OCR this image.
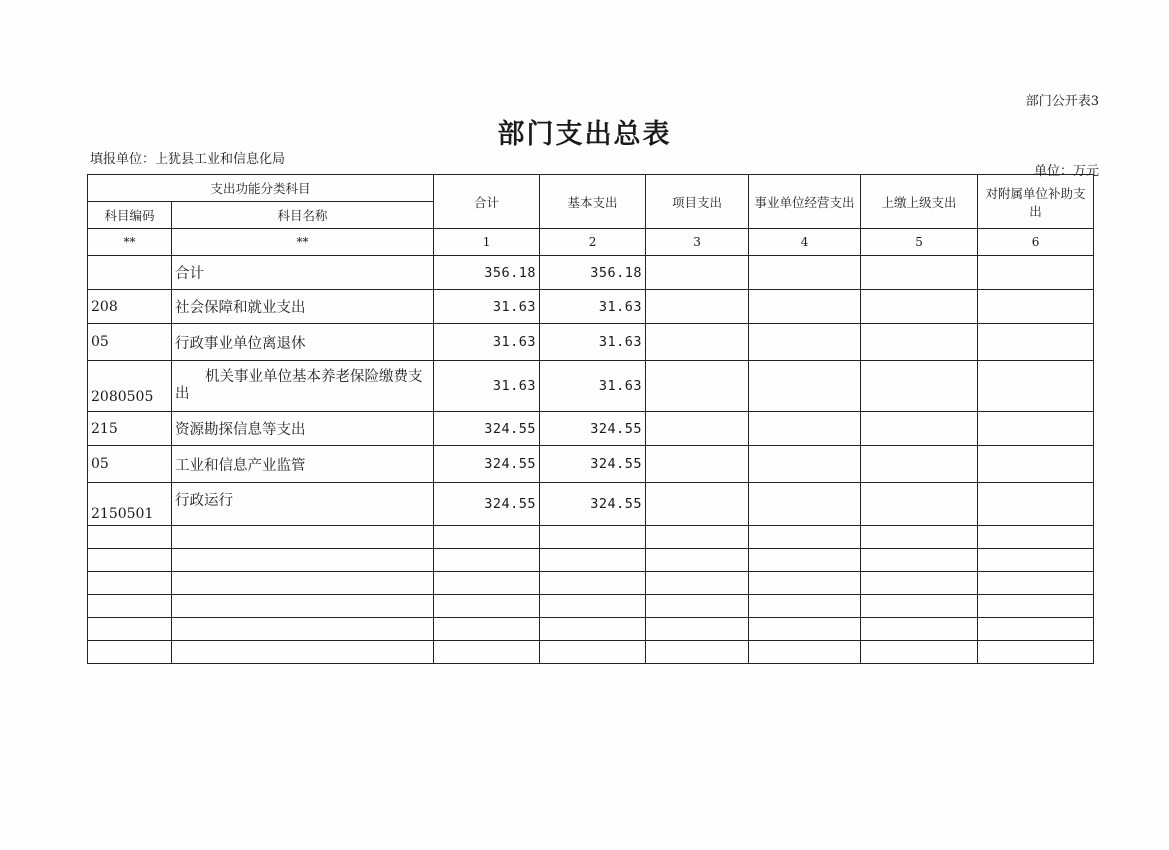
部门公开表3
部门支出总表
填报单位：上犹县工业和信息化局
单位：万元
支出功能分类科目		合计	基本支出	项目支出	事业单位经营支出	上缴上级支出	对附属单位补助支出
科目编码	科目名称						
**	**	1	2	3	4	5	6
	合计	356.18	356.18				
208	社会保障和就业支出	31.63	31.63				
05	行政事业单位离退休	31.63	31.63				
2080505	机关事业单位基本养老保险缴费支出	31.63	31.63				
215	资源勘探信息等支出	324.55	324.55				
05	工业和信息产业监管	324.55	324.55				
2150501	行政运行	324.55	324.55				
